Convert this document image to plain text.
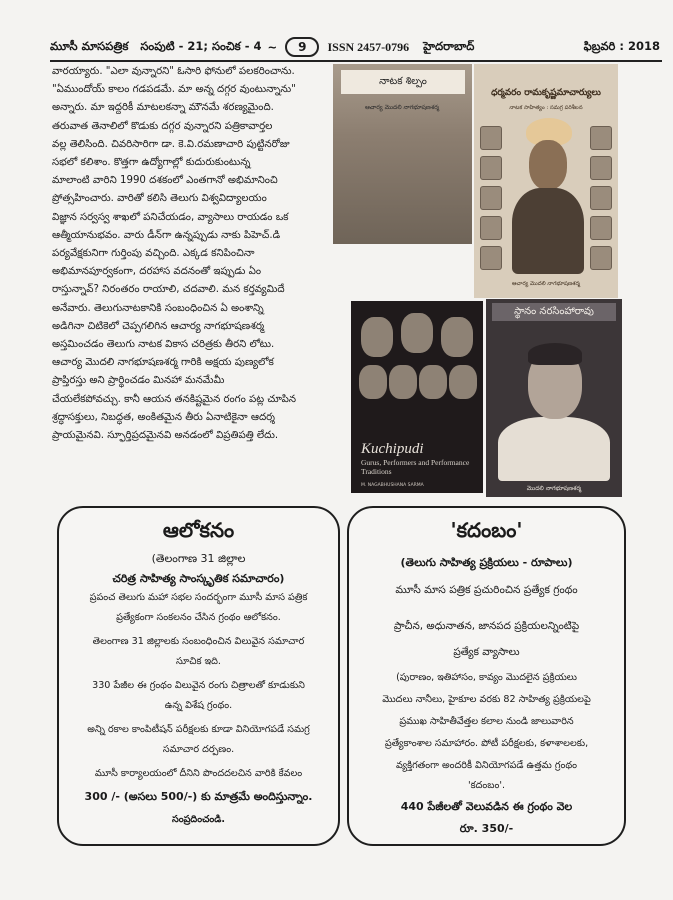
మూసీ మాసపత్రిక సంపుటి - 21; సంచిక - 4 ~	9	ISSN 2457-0796 హైదరాబాద్	ఫిబ్రవరి : 2018
వారయ్యారు. "ఎలా వున్నారని" ఓసారి ఫోనులో పలకరించాను.
"ఏముందోయ్ కాలం గడపడమే. మా అన్న దగ్గర వుంటున్నాను"
అన్నారు. మా ఇద్దరికీ మాటలకన్నా మౌనమే శరణ్యమైంది.
తరువాత తెనాలిలో కొడుకు దగ్గర వున్నారని పత్రికావార్తల
వల్ల తెలిసింది. చివరిసారిగా డా. కె.వి.రమణాచారి పుట్టినరోజు
సభలో కలిశాం. కొత్తగా ఉద్యోగాల్లో కుదురుకుంటున్న
మాలాంటి వారిని 1990 దశకంలో ఎంతగానో అభిమానించి
ప్రోత్సహించారు. వారితో కలిసి తెలుగు విశ్వవిద్యాలయం
విజ్ఞాన సర్వస్వ శాఖలో పనిచేయడం, వ్యాసాలు రాయడం ఒక
ఆత్మీయానుభవం. వారు డీన్‌గా ఉన్నప్పుడు నాకు పిహెచ్.డి
పర్యవేక్షకునిగా గుర్తింపు వచ్చింది. ఎక్కడ కనిపించినా
అభిమానపూర్వకంగా, దరహాస వదనంతో ఇప్పుడు ఏం
రాస్తున్నావ్? నిరంతరం రాయాలి, చదవాలి. మన కర్తవ్యమిదే
అనేవారు. తెలుగునాటకానికి సంబంధించిన ఏ అంశాన్ని
అడిగినా చిటికెలో చెప్పగలిగిన ఆచార్య నాగభూషణశర్మ
అస్తమించడం తెలుగు నాటక వికాస చరిత్రకు తీరని లోటు.
ఆచార్య మొదలి నాగభూషణశర్మ గారికి అక్షయ పుణ్యలోక
ప్రాప్తిరస్తు అని ప్రార్థించడం మినహా మనమేమీ
చేయలేకపోవచ్చు. కానీ ఆయన తనకిష్టమైన రంగం పట్ల చూపిన
శ్రద్ధాసక్తులు, నిబద్ధత, అంకితమైన తీరు ఏనాటికైనా ఆదర్శ
ప్రాయమైనవి. స్ఫూర్తిప్రదమైనవి అనడంలో విప్రతిపత్తి లేదు.
నాటక శిల్పం
ఆచార్య మొదలి నాగభూషణశర్మ
ధర్మవరం రామకృష్ణమాచార్యులు
నాటక సాహిత్యం : సమగ్ర పరిశీలన
ఆచార్య మొదలి నాగభూషణశర్మ
Kuchipudi
Gurus, Performers and Performance Traditions
M. NAGABHUSHANA SARMA
స్థానం నరసింహారావు
మొదలి నాగభూషణశర్మ
ఆలోకనం
(తెలంగాణ 31 జిల్లాల
చరిత్ర సాహిత్య సాంస్కృతిక సమాచారం)
ప్రపంచ తెలుగు మహా సభల సందర్భంగా మూసీ మాస పత్రిక
ప్రత్యేకంగా సంకలనం చేసిన గ్రంథం ఆలోకనం.
తెలంగాణ 31 జిల్లాలకు సంబంధించిన విలువైన సమాచార
సూచిక ఇది.
330 పేజీల ఈ గ్రంథం విలువైన రంగు చిత్రాలతో కూడుకుని
ఉన్న విశేష గ్రంథం.
అన్ని రకాల కాంపిటీషన్ పరీక్షలకు కూడా వినియోగపడే సమగ్ర
సమాచార దర్పణం.
మూసీ కార్యాలయంలో దీనిని పొందదలచిన వారికి కేవలం
300 /- (అసలు 500/-) కు మాత్రమే అందిస్తున్నాం.
సంప్రదించండి.
'కదంబం'
(తెలుగు సాహిత్య ప్రక్రియలు - రూపాలు)
మూసీ మాస పత్రిక ప్రచురించిన ప్రత్యేక గ్రంథం
ప్రాచీన, అధునాతన, జానపద ప్రక్రియలన్నింటిపై
ప్రత్యేక వ్యాసాలు
(పురాణం, ఇతిహాసం, కావ్యం మొదలైన ప్రక్రియలు
మొదలు నానీలు, హైకూల వరకు 82 సాహిత్య ప్రక్రియలపై
ప్రముఖ సాహితీవేత్తల కలాల నుండి జాలువారిన
ప్రత్యేకాంశాల సమాహారం. పోటీ పరీక్షలకు, కళాశాలలకు,
వ్యక్తిగతంగా అందరికీ వినియోగపడే ఉత్తమ గ్రంథం
'కదంబం'.
440 పేజీలతో వెలువడిన ఈ గ్రంథం వెల
రూ. 350/-
